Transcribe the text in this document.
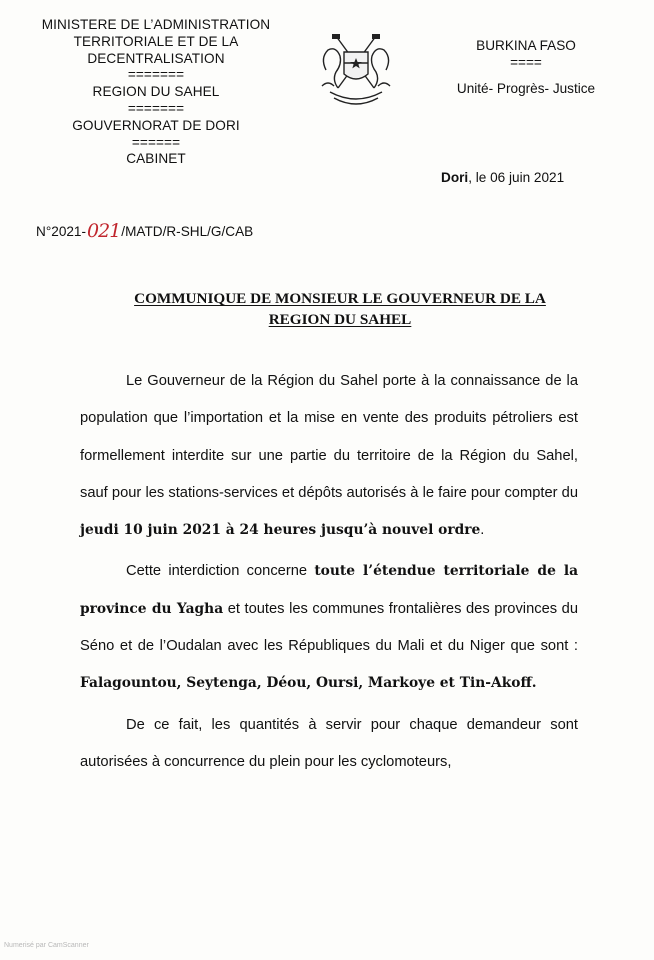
MINISTERE DE L’ADMINISTRATION
TERRITORIALE ET DE LA
DECENTRALISATION
=======
REGION DU SAHEL
=======
GOUVERNORAT DE DORI
======
CABINET
BURKINA FASO
====
Unité- Progrès- Justice
Dori, le 06 juin 2021
N°2021-021/MATD/R-SHL/G/CAB
COMMUNIQUE DE MONSIEUR LE GOUVERNEUR DE LA
REGION DU SAHEL

Le Gouverneur de la Région du Sahel porte à la connaissance de la population que l’importation et la mise en vente des produits pétroliers est formellement interdite sur une partie du territoire de la Région du Sahel, sauf pour les stations-services et dépôts autorisés à le faire pour compter du jeudi 10 juin 2021 à 24 heures jusqu’à nouvel ordre.

Cette interdiction concerne toute l’étendue territoriale de la province du Yagha et toutes les communes frontalières des provinces du Séno et de l’Oudalan avec les Républiques du Mali et du Niger que sont : Falagountou, Seytenga, Déou, Oursi, Markoye et Tin-Akoff.

De ce fait, les quantités à servir pour chaque demandeur sont autorisées à concurrence du plein pour les cyclomoteurs,

Numerisé par CamScanner
